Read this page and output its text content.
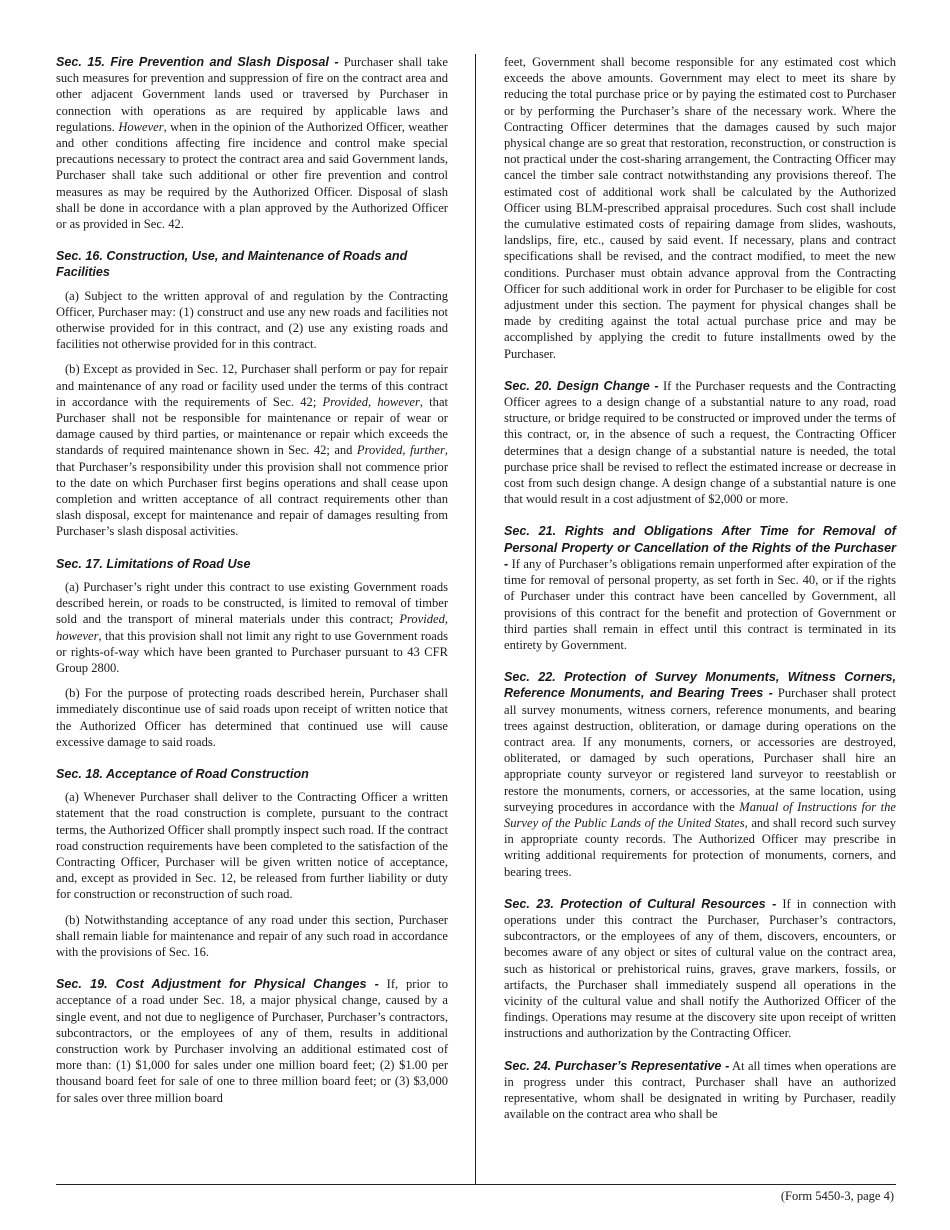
Sec. 15. Fire Prevention and Slash Disposal - Purchaser shall take such measures for prevention and suppression of fire on the contract area and other adjacent Government lands used or traversed by Purchaser in connection with operations as are required by applicable laws and regulations. However, when in the opinion of the Authorized Officer, weather and other conditions affecting fire incidence and control make special precautions necessary to protect the contract area and said Government lands, Purchaser shall take such additional or other fire prevention and control measures as may be required by the Authorized Officer. Disposal of slash shall be done in accordance with a plan approved by the Authorized Officer or as provided in Sec. 42.

Sec. 16. Construction, Use, and Maintenance of Roads and Facilities

(a) Subject to the written approval of and regulation by the Contracting Officer, Purchaser may: (1) construct and use any new roads and facilities not otherwise provided for in this contract, and (2) use any existing roads and facilities not otherwise provided for in this contract.

(b) Except as provided in Sec. 12, Purchaser shall perform or pay for repair and maintenance of any road or facility used under the terms of this contract in accordance with the requirements of Sec. 42; Provided, however, that Purchaser shall not be responsible for maintenance or repair of wear or damage caused by third parties, or maintenance or repair which exceeds the standards of required maintenance shown in Sec. 42; and Provided, further, that Purchaser’s responsibility under this provision shall not commence prior to the date on which Purchaser first begins operations and shall cease upon completion and written acceptance of all contract requirements other than slash disposal, except for maintenance and repair of damages resulting from Purchaser’s slash disposal activities.

Sec. 17. Limitations of Road Use

(a) Purchaser’s right under this contract to use existing Government roads described herein, or roads to be constructed, is limited to removal of timber sold and the transport of mineral materials under this contract; Provided, however, that this provision shall not limit any right to use Government roads or rights-of-way which have been granted to Purchaser pursuant to 43 CFR Group 2800.

(b) For the purpose of protecting roads described herein, Purchaser shall immediately discontinue use of said roads upon receipt of written notice that the Authorized Officer has determined that continued use will cause excessive damage to said roads.

Sec. 18. Acceptance of Road Construction

(a) Whenever Purchaser shall deliver to the Contracting Officer a written statement that the road construction is complete, pursuant to the contract terms, the Authorized Officer shall promptly inspect such road. If the contract road construction requirements have been completed to the satisfaction of the Contracting Officer, Purchaser will be given written notice of acceptance, and, except as provided in Sec. 12, be released from further liability or duty for construction or reconstruction of such road.

(b) Notwithstanding acceptance of any road under this section, Purchaser shall remain liable for maintenance and repair of any such road in accordance with the provisions of Sec. 16.

Sec. 19. Cost Adjustment for Physical Changes - If, prior to acceptance of a road under Sec. 18, a major physical change, caused by a single event, and not due to negligence of Purchaser, Purchaser’s contractors, subcontractors, or the employees of any of them, results in additional construction work by Purchaser involving an additional estimated cost of more than: (1) $1,000 for sales under one million board feet; (2) $1.00 per thousand board feet for sale of one to three million board feet; or (3) $3,000 for sales over three million board

feet, Government shall become responsible for any estimated cost which exceeds the above amounts. Government may elect to meet its share by reducing the total purchase price or by paying the estimated cost to Purchaser or by performing the Purchaser’s share of the necessary work. Where the Contracting Officer determines that the damages caused by such major physical change are so great that restoration, reconstruction, or construction is not practical under the cost-sharing arrangement, the Contracting Officer may cancel the timber sale contract notwithstanding any provisions thereof. The estimated cost of additional work shall be calculated by the Authorized Officer using BLM-prescribed appraisal procedures. Such cost shall include the cumulative estimated costs of repairing damage from slides, washouts, landslips, fire, etc., caused by said event. If necessary, plans and contract specifications shall be revised, and the contract modified, to meet the new conditions. Purchaser must obtain advance approval from the Contracting Officer for such additional work in order for Purchaser to be eligible for cost adjustment under this section. The payment for physical changes shall be made by crediting against the total actual purchase price and may be accomplished by applying the credit to future installments owed by the Purchaser.

Sec. 20. Design Change - If the Purchaser requests and the Contracting Officer agrees to a design change of a substantial nature to any road, road structure, or bridge required to be constructed or improved under the terms of this contract, or, in the absence of such a request, the Contracting Officer determines that a design change of a substantial nature is needed, the total purchase price shall be revised to reflect the estimated increase or decrease in cost from such design change. A design change of a substantial nature is one that would result in a cost adjustment of $2,000 or more.

Sec. 21. Rights and Obligations After Time for Removal of Personal Property or Cancellation of the Rights of the Purchaser - If any of Purchaser’s obligations remain unperformed after expiration of the time for removal of personal property, as set forth in Sec. 40, or if the rights of Purchaser under this contract have been cancelled by Government, all provisions of this contract for the benefit and protection of Government or third parties shall remain in effect until this contract is terminated in its entirety by Government.

Sec. 22. Protection of Survey Monuments, Witness Corners, Reference Monuments, and Bearing Trees - Purchaser shall protect all survey monuments, witness corners, reference monuments, and bearing trees against destruction, obliteration, or damage during operations on the contract area. If any monuments, corners, or accessories are destroyed, obliterated, or damaged by such operations, Purchaser shall hire an appropriate county surveyor or registered land surveyor to reestablish or restore the monuments, corners, or accessories, at the same location, using surveying procedures in accordance with the Manual of Instructions for the Survey of the Public Lands of the United States, and shall record such survey in appropriate county records. The Authorized Officer may prescribe in writing additional requirements for protection of monuments, corners, and bearing trees.

Sec. 23. Protection of Cultural Resources - If in connection with operations under this contract the Purchaser, Purchaser’s contractors, subcontractors, or the employees of any of them, discovers, encounters, or becomes aware of any object or sites of cultural value on the contract area, such as historical or prehistorical ruins, graves, grave markers, fossils, or artifacts, the Purchaser shall immediately suspend all operations in the vicinity of the cultural value and shall notify the Authorized Officer of the findings. Operations may resume at the discovery site upon receipt of written instructions and authorization by the Contracting Officer.

Sec. 24. Purchaser’s Representative - At all times when operations are in progress under this contract, Purchaser shall have an authorized representative, whom shall be designated in writing by Purchaser, readily available on the contract area who shall be

(Form 5450-3, page 4)
